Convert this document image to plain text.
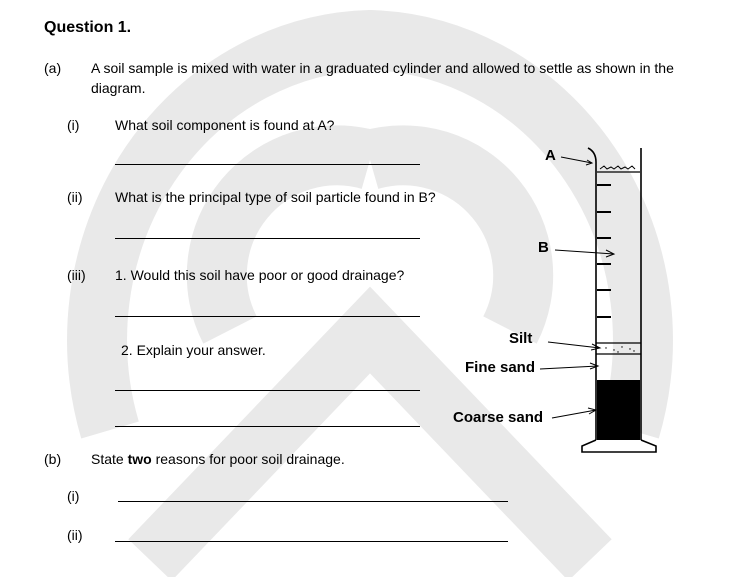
Question 1.
(a) A soil sample is mixed with water in a graduated cylinder and allowed to settle as shown in the diagram.
(i)	What soil component is found at A?
(ii) What is the principal type of soil particle found in B?
(iii) 1. Would this soil have poor or good drainage?
2. Explain your answer.
(b) State two reasons for poor soil drainage.
(i)
(ii)
A
B
Silt
Fine sand
Coarse sand
